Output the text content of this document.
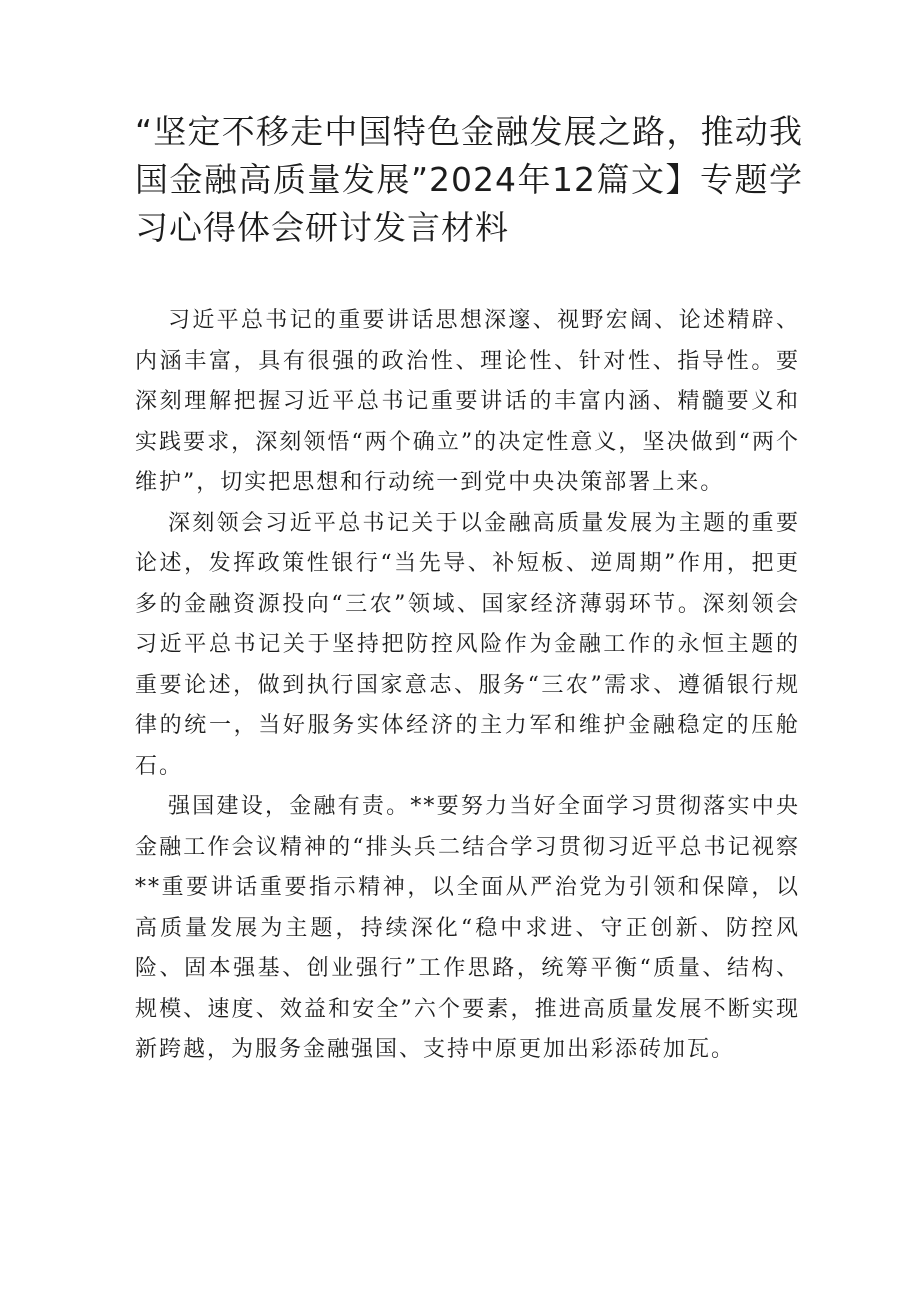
“坚定不移走中国特色金融发展之路，推动我国金融高质量发展”2024年12篇文】专题学习心得体会研讨发言材料

习近平总书记的重要讲话思想深邃、视野宏阔、论述精辟、内涵丰富，具有很强的政治性、理论性、针对性、指导性。要深刻理解把握习近平总书记重要讲话的丰富内涵、精髓要义和实践要求，深刻领悟“两个确立”的决定性意义，坚决做到“两个维护”，切实把思想和行动统一到党中央决策部署上来。

深刻领会习近平总书记关于以金融高质量发展为主题的重要论述，发挥政策性银行“当先导、补短板、逆周期”作用，把更多的金融资源投向“三农”领域、国家经济薄弱环节。深刻领会习近平总书记关于坚持把防控风险作为金融工作的永恒主题的重要论述，做到执行国家意志、服务“三农”需求、遵循银行规律的统一，当好服务实体经济的主力军和维护金融稳定的压舱石。

强国建设，金融有责。**要努力当好全面学习贯彻落实中央金融工作会议精神的“排头兵二结合学习贯彻习近平总书记视察**重要讲话重要指示精神，以全面从严治党为引领和保障，以高质量发展为主题，持续深化“稳中求进、守正创新、防控风险、固本强基、创业强行”工作思路，统筹平衡“质量、结构、规模、速度、效益和安全”六个要素，推进高质量发展不断实现新跨越，为服务金融强国、支持中原更加出彩添砖加瓦。
